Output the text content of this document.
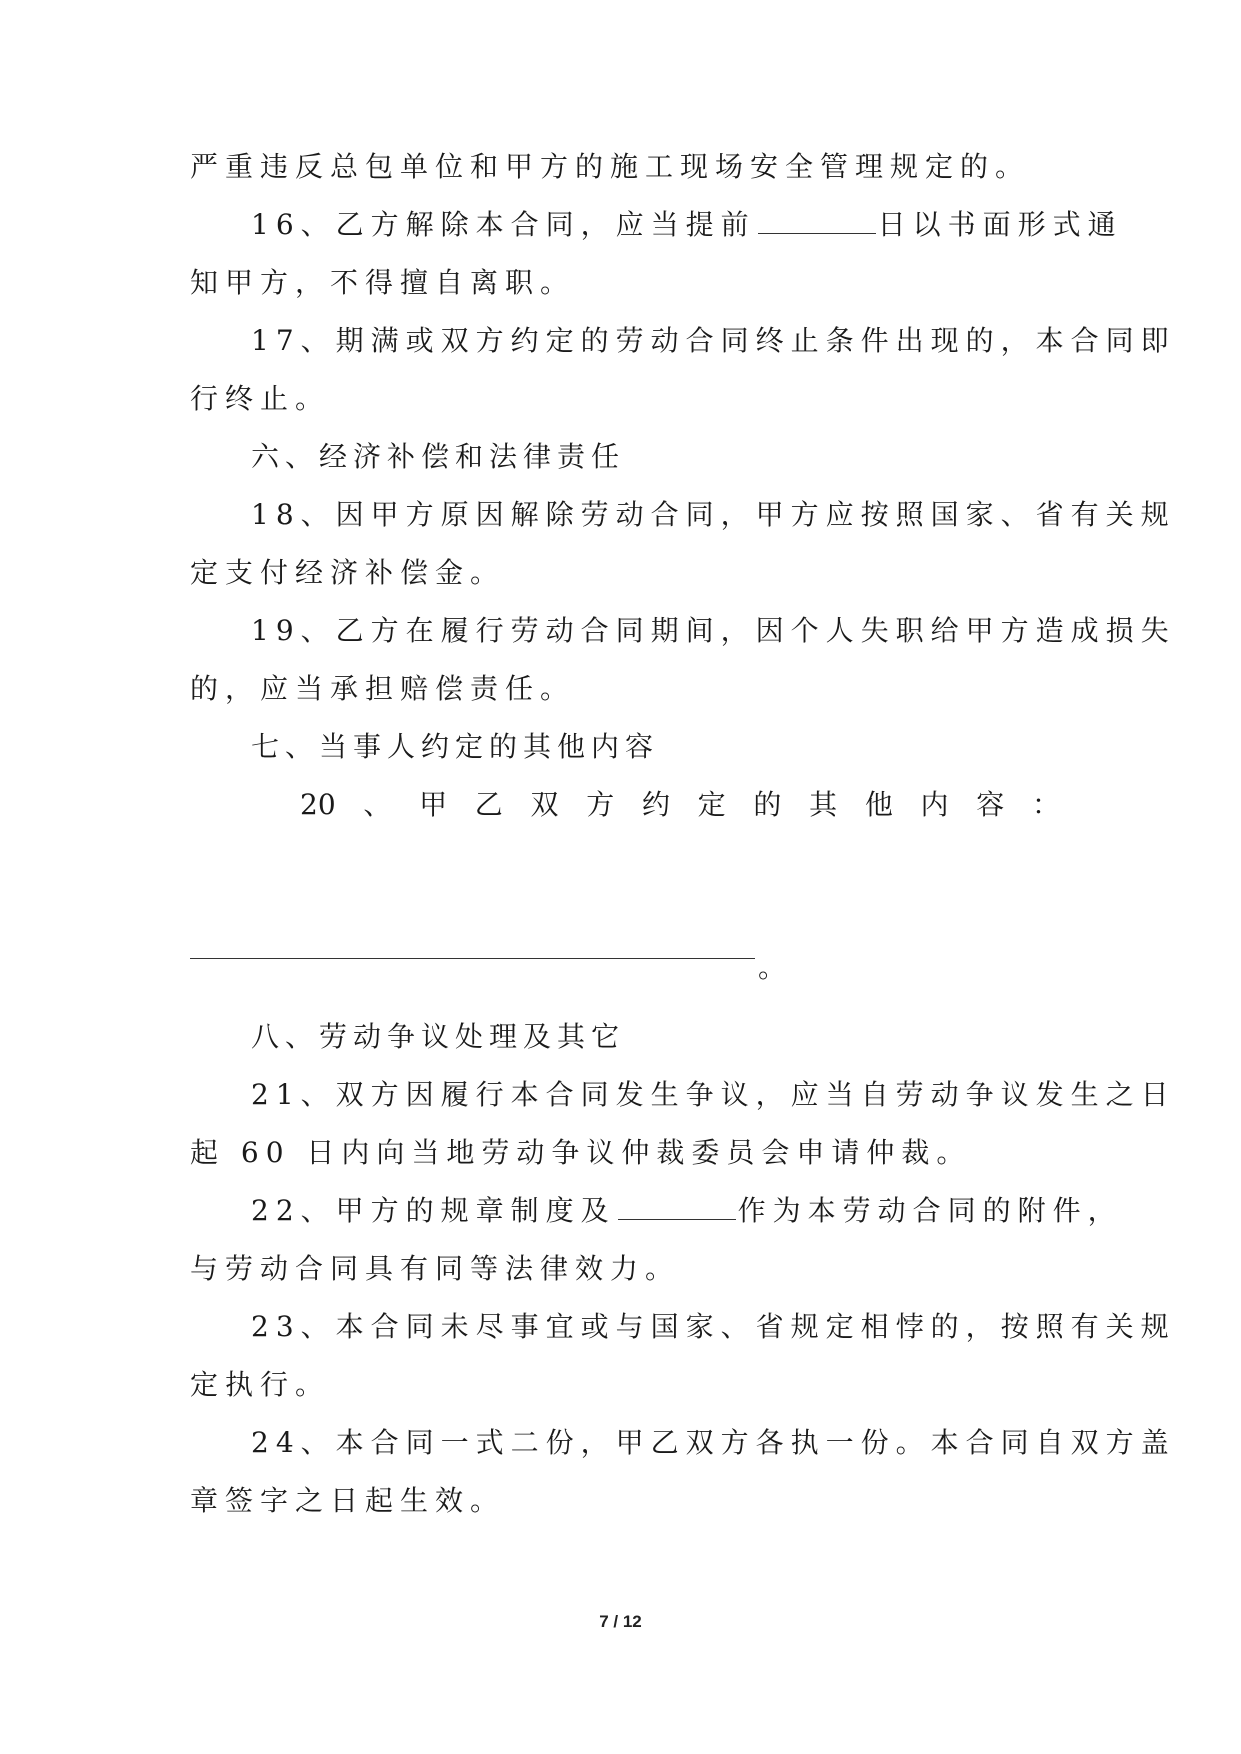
严重违反总包单位和甲方的施工现场安全管理规定的。
16、乙方解除本合同，应当提前	日以书面形式通
知甲方，不得擅自离职。
17、期满或双方约定的劳动合同终止条件出现的，本合同即
行终止。
六、经济补偿和法律责任
18、因甲方原因解除劳动合同，甲方应按照国家、省有关规
定支付经济补偿金。
19、乙方在履行劳动合同期间，因个人失职给甲方造成损失
的，应当承担赔偿责任。
七、当事人约定的其他内容
20 、 甲 乙 双 方 约 定 的 其 他 内 容 ：
。
八、劳动争议处理及其它
21、双方因履行本合同发生争议，应当自劳动争议发生之日
起 60 日内向当地劳动争议仲裁委员会申请仲裁。
22、甲方的规章制度及	作为本劳动合同的附件，
与劳动合同具有同等法律效力。
23、本合同未尽事宜或与国家、省规定相悖的，按照有关规
定执行。
24、本合同一式二份，甲乙双方各执一份。本合同自双方盖
章签字之日起生效。
7 / 12
